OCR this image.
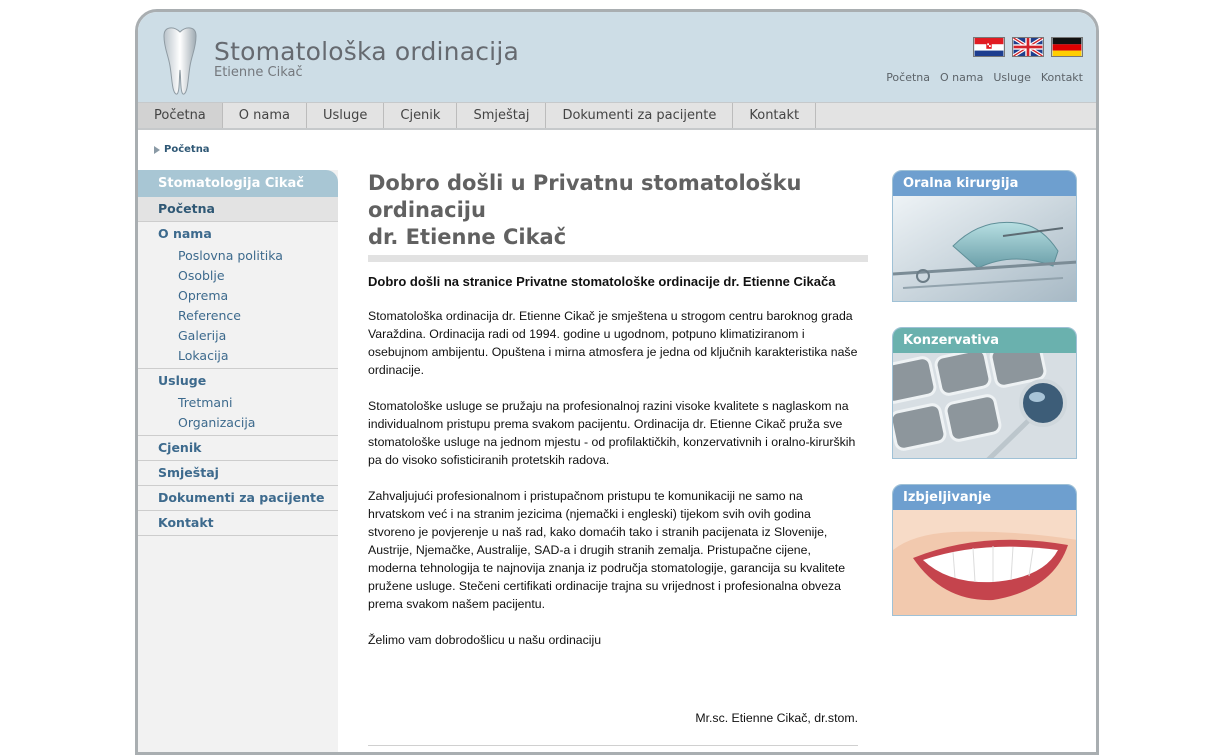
Stomatološka ordinacija
Etienne Cikač	Početna O nama Usluge Kontakt
Početna	O nama	Usluge	Cjenik	Smještaj	Dokumenti za pacijente	Kontakt
Početna
Stomatologija Cikač
Početna
O nama
Poslovna politika
Osoblje
Oprema
Reference
Galerija
Lokacija
Usluge
Tretmani
Organizacija
Cjenik
Smještaj
Dokumenti za pacijente
Kontakt
Dobro došli u Privatnu stomatološku ordinaciju
dr. Etienne Cikač
Dobro došli na stranice Privatne stomatološke ordinacije dr. Etienne Cikača
Stomatološka ordinacija dr. Etienne Cikač je smještena u strogom centru baroknog grada Varaždina. Ordinacija radi od 1994. godine u ugodnom, potpuno klimatiziranom i osebujnom ambijentu. Opuštena i mirna atmosfera je jedna od ključnih karakteristika naše ordinacije.
Stomatološke usluge se pružaju na profesionalnoj razini visoke kvalitete s naglaskom na individualnom pristupu prema svakom pacijentu. Ordinacija dr. Etienne Cikač pruža sve stomatološke usluge na jednom mjestu - od profilaktičkih, konzervativnih i oralno-kirurških pa do visoko sofisticiranih protetskih radova.
Zahvaljujući profesionalnom i pristupačnom pristupu te komunikaciji ne samo na hrvatskom već i na stranim jezicima (njemački i engleski) tijekom svih ovih godina stvoreno je povjerenje u naš rad, kako domaćih tako i stranih pacijenata iz Slovenije, Austrije, Njemačke, Australije, SAD-a i drugih stranih zemalja. Pristupačne cijene, moderna tehnologija te najnovija znanja iz područja stomatologije, garancija su kvalitete pružene usluge. Stečeni certifikati ordinacije trajna su vrijednost i profesionalna obveza prema svakom našem pacijentu.
Želimo vam dobrodošlicu u našu ordinaciju
Mr.sc. Etienne Cikač, dr.stom.
Oralna kirurgija
Konzervativa
Izbjeljivanje
